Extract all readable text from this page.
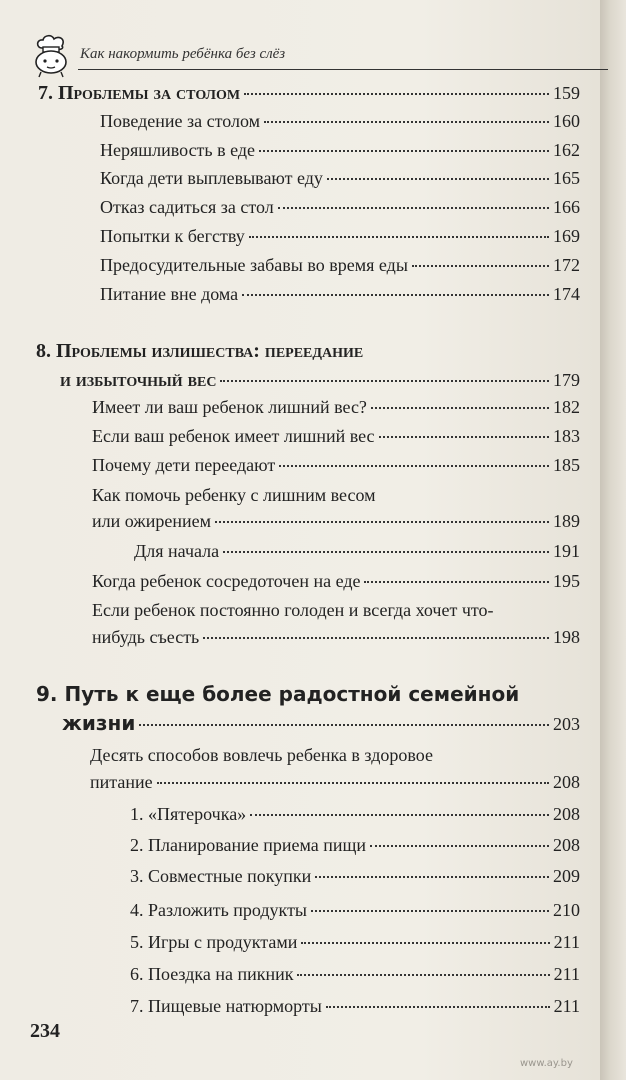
Как накормить ребёнка без слёз
7. Проблемы за столом	159
Поведение за столом	160
Неряшливость в еде	162
Когда дети выплевывают еду	165
Отказ садиться за стол	166
Попытки к бегству	169
Предосудительные забавы во время еды	172
Питание вне дома	174
8. Проблемы излишества: переедание
и избыточный вес	179
Имеет ли ваш ребенок лишний вес?	182
Если ваш ребенок имеет лишний вес	183
Почему дети переедают	185
Как помочь ребенку с лишним весом
или ожирением	189
Для начала	191
Когда ребенок сосредоточен на еде	195
Если ребенок постоянно голоден и всегда хочет что-
нибудь съесть	198
9. Путь к еще более радостной семейной
жизни	203
Десять способов вовлечь ребенка в здоровое
питание	208
1. «Пятерочка»	208
2. Планирование приема пищи	208
3. Совместные покупки	209
4. Разложить продукты	210
5. Игры с продуктами	211
6. Поездка на пикник	211
7. Пищевые натюрморты	211
234
www.ay.by
